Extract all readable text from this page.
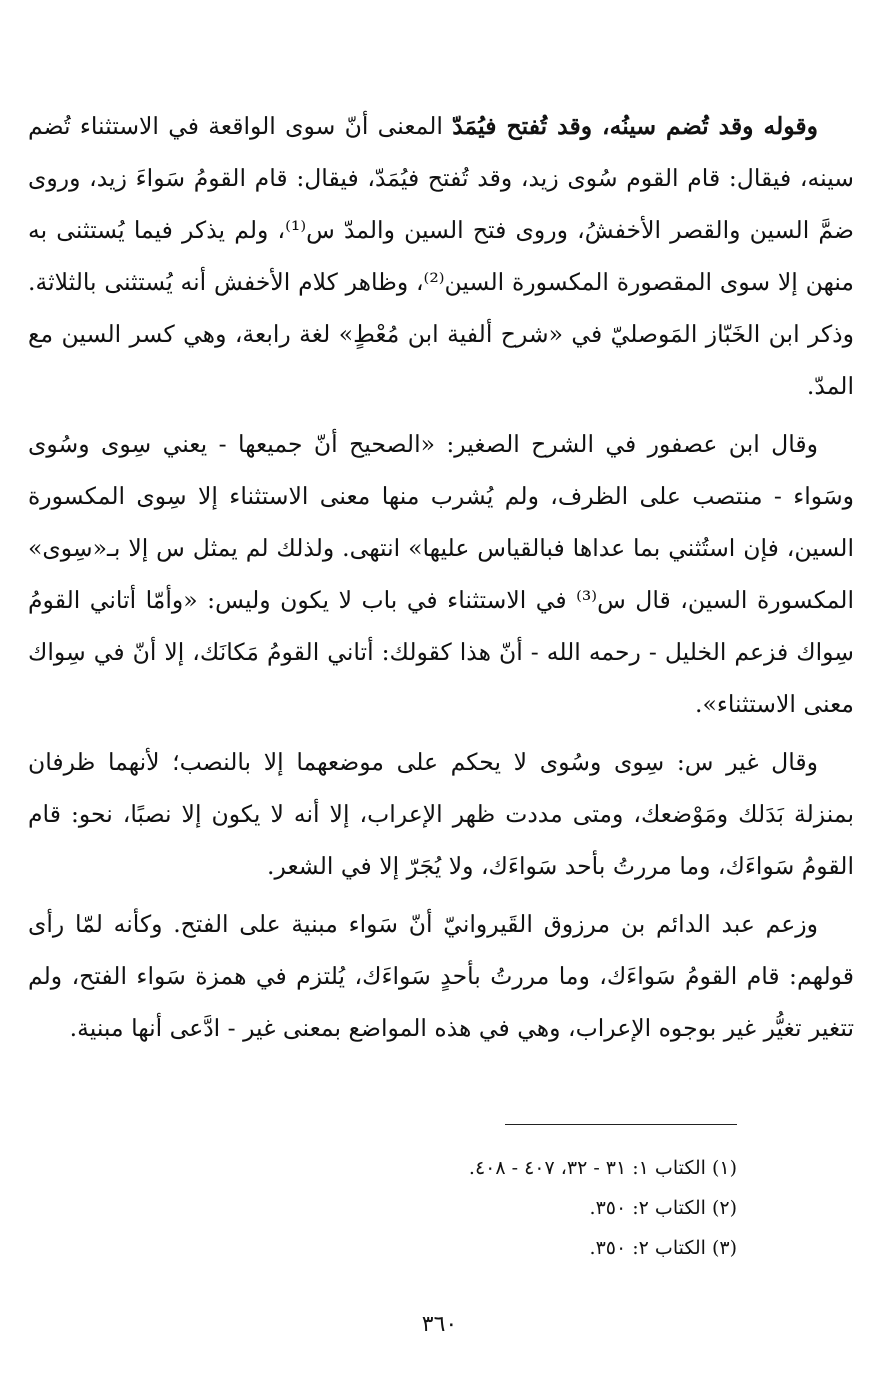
وقوله وقد تُضم سينُه، وقد تُفتح فيُمَدّ المعنى أنّ سوى الواقعة في الاستثناء تُضم سينه، فيقال: قام القوم سُوى زيد، وقد تُفتح فيُمَدّ، فيقال: قام القومُ سَواءَ زيد، وروى ضمَّ السين والقصر الأخفشُ، وروى فتح السين والمدّ س⁽¹⁾، ولم يذكر فيما يُستثنى به منهن إلا سوى المقصورة المكسورة السين⁽²⁾، وظاهر كلام الأخفش أنه يُستثنى بالثلاثة. وذكر ابن الخَبّاز المَوصليّ في «شرح ألفية ابن مُعْطٍ» لغة رابعة، وهي كسر السين مع المدّ.

وقال ابن عصفور في الشرح الصغير: «الصحيح أنّ جميعها - يعني سِوى وسُوى وسَواء - منتصب على الظرف، ولم يُشرب منها معنى الاستثناء إلا سِوى المكسورة السين، فإن استُثني بما عداها فبالقياس عليها» انتهى. ولذلك لم يمثل س إلا بـ«سِوى» المكسورة السين، قال س⁽³⁾ في الاستثناء في باب لا يكون وليس: «وأمّا أتاني القومُ سِواك فزعم الخليل - رحمه الله - أنّ هذا كقولك: أتاني القومُ مَكانَك، إلا أنّ في سِواك معنى الاستثناء».

وقال غير س: سِوى وسُوى لا يحكم على موضعهما إلا بالنصب؛ لأنهما ظرفان بمنزلة بَدَلك ومَوْضعك، ومتى مددت ظهر الإعراب، إلا أنه لا يكون إلا نصبًا، نحو: قام القومُ سَواءَك، وما مررتُ بأحد سَواءَك، ولا يُجَرّ إلا في الشعر.

وزعم عبد الدائم بن مرزوق القَيروانيّ أنّ سَواء مبنية على الفتح. وكأنه لمّا رأى قولهم: قام القومُ سَواءَك، وما مررتُ بأحدٍ سَواءَك، يُلتزم في همزة سَواء الفتح، ولم تتغير تغيُّر غير بوجوه الإعراب، وهي في هذه المواضع بمعنى غير - ادَّعى أنها مبنية.

(١) الكتاب ١: ٣١ - ٣٢، ٤٠٧ - ٤٠٨.

(٢) الكتاب ٢: ٣٥٠.

(٣) الكتاب ٢: ٣٥٠.

٣٦٠
